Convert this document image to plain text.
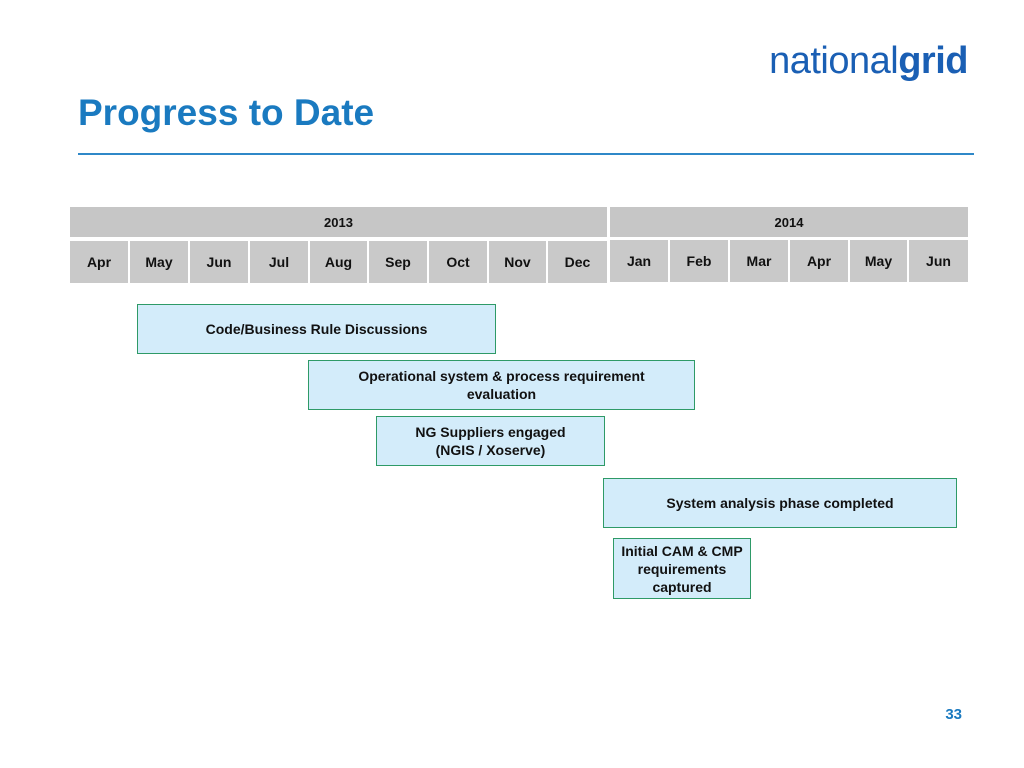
nationalgrid
Progress to Date
2013	2014
Apr	May	Jun	Jul	Aug	Sep	Oct	Nov	Dec	Jan	Feb	Mar	Apr	May	Jun
Code/Business Rule Discussions
Operational system & process requirement
evaluation
NG Suppliers engaged
(NGIS / Xoserve)
System analysis phase completed
Initial CAM & CMP
requirements
captured
33
